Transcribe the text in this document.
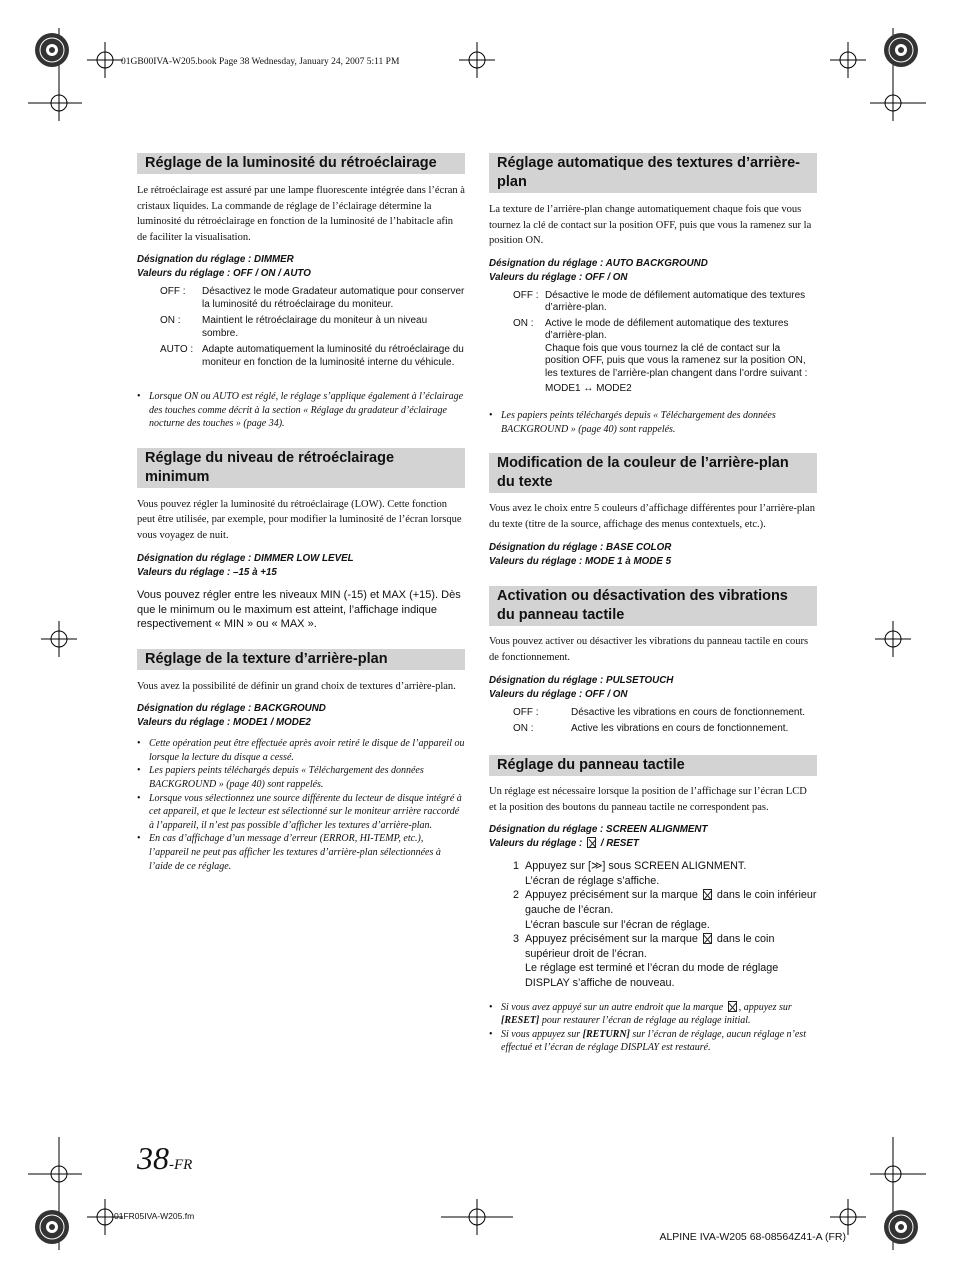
01GB00IVA-W205.book Page 38 Wednesday, January 24, 2007 5:11 PM
Réglage de la luminosité du rétroéclairage

Le rétroéclairage est assuré par une lampe fluorescente intégrée dans l’écran à cristaux liquides. La commande de réglage de l’éclairage détermine la luminosité du rétroéclairage en fonction de la luminosité de l’habitacle afin de faciliter la visualisation.

Désignation du réglage : DIMMER

Valeurs du réglage : OFF / ON / AUTO

OFF :	Désactivez le mode Gradateur automatique pour conserver la luminosité du rétroéclairage du moniteur.
ON :	Maintient le rétroéclairage du moniteur à un niveau sombre.
AUTO : Adapte automatiquement la luminosité du rétroéclairage du moniteur en fonction de la luminosité interne du véhicule.
• Lorsque ON ou AUTO est réglé, le réglage s’applique également à l’éclairage des touches comme décrit à la section « Réglage du gradateur d’éclairage nocturne des touches » (page 34).
Réglage du niveau de rétroéclairage minimum

Vous pouvez régler la luminosité du rétroéclairage (LOW). Cette fonction peut être utilisée, par exemple, pour modifier la luminosité de l’écran lorsque vous voyagez de nuit.

Désignation du réglage : DIMMER LOW LEVEL

Valeurs du réglage : –15 à +15

Vous pouvez régler entre les niveaux MIN (-15) et MAX (+15). Dès que le minimum ou le maximum est atteint, l’affichage indique respectivement « MIN » ou « MAX ».

Réglage de la texture d’arrière-plan

Vous avez la possibilité de définir un grand choix de textures d’arrière-plan.

Désignation du réglage : BACKGROUND

Valeurs du réglage : MODE1 / MODE2

• Cette opération peut être effectuée après avoir retiré le disque de l’appareil ou lorsque la lecture du disque a cessé.
• Les papiers peints téléchargés depuis « Téléchargement des données BACKGROUND » (page 40) sont rappelés.
• Lorsque vous sélectionnez une source différente du lecteur de disque intégré à cet appareil, et que le lecteur est sélectionné sur le moniteur arrière raccordé à l’appareil, il n’est pas possible d’afficher les textures d’arrière-plan.
• En cas d’affichage d’un message d’erreur (ERROR, HI-TEMP, etc.), l’appareil ne peut pas afficher les textures d’arrière-plan sélectionnées à l’aide de ce réglage.
Réglage automatique des textures d’arrière-plan

La texture de l’arrière-plan change automatiquement chaque fois que vous tournez la clé de contact sur la position OFF, puis que vous la ramenez sur la position ON.

Désignation du réglage : AUTO BACKGROUND

Valeurs du réglage : OFF / ON

OFF : Désactive le mode de défilement automatique des textures d’arrière-plan.
ON :	Active le mode de défilement automatique des textures d’arrière-plan.
Chaque fois que vous tournez la clé de contact sur la position OFF, puis que vous la ramenez sur la position ON, les textures de l’arrière-plan changent dans l’ordre suivant :
MODE1 ↔ MODE2
• Les papiers peints téléchargés depuis « Téléchargement des données BACKGROUND » (page 40) sont rappelés.
Modification de la couleur de l’arrière-plan du texte

Vous avez le choix entre 5 couleurs d’affichage différentes pour l’arrière-plan du texte (titre de la source, affichage des menus contextuels, etc.).

Désignation du réglage : BASE COLOR

Valeurs du réglage : MODE 1 à MODE 5

Activation ou désactivation des vibrations du panneau tactile

Vous pouvez activer ou désactiver les vibrations du panneau tactile en cours de fonctionnement.

Désignation du réglage : PULSETOUCH

Valeurs du réglage : OFF / ON

OFF :	Désactive les vibrations en cours de fonctionnement.
ON :	Active les vibrations en cours de fonctionnement.
Réglage du panneau tactile

Un réglage est nécessaire lorsque la position de l’affichage sur l’écran LCD et la position des boutons du panneau tactile ne correspondent pas.

Désignation du réglage : SCREEN ALIGNMENT

Valeurs du réglage : / RESET

1 Appuyez sur [≫] sous SCREEN ALIGNMENT.
L’écran de réglage s’affiche.
2 Appuyez précisément sur la marque dans le coin inférieur gauche de l’écran.
L’écran bascule sur l’écran de réglage.
3 Appuyez précisément sur la marque dans le coin supérieur droit de l’écran.
Le réglage est terminé et l’écran du mode de réglage DISPLAY s’affiche de nouveau.
• Si vous avez appuyé sur un autre endroit que la marque , appuyez sur [RESET] pour restaurer l’écran de réglage au réglage initial.
• Si vous appuyez sur [RETURN] sur l’écran de réglage, aucun réglage n’est effectué et l’écran de réglage DISPLAY est restauré.
38-FR
01FR05IVA-W205.fm
ALPINE IVA-W205 68-08564Z41-A (FR)
